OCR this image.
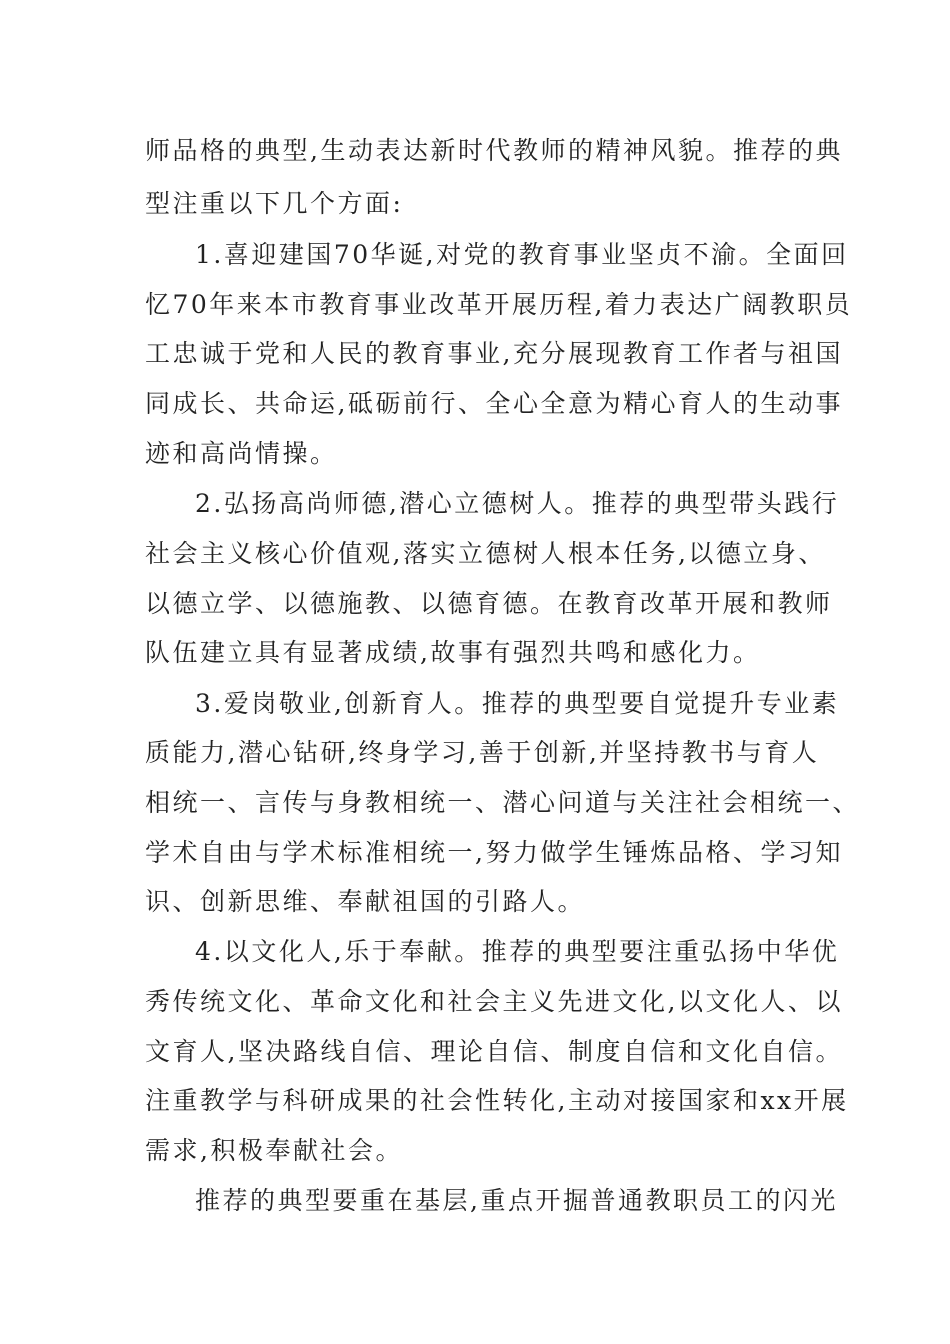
师品格的典型,生动表达新时代教师的精神风貌。推荐的典
型注重以下几个方面:
1.喜迎建国70华诞,对党的教育事业坚贞不渝。全面回
忆70年来本市教育事业改革开展历程,着力表达广阔教职员
工忠诚于党和人民的教育事业,充分展现教育工作者与祖国
同成长、共命运,砥砺前行、全心全意为精心育人的生动事
迹和高尚情操。
2.弘扬高尚师德,潜心立德树人。推荐的典型带头践行
社会主义核心价值观,落实立德树人根本任务,以德立身、
以德立学、以德施教、以德育德。在教育改革开展和教师
队伍建立具有显著成绩,故事有强烈共鸣和感化力。
3.爱岗敬业,创新育人。推荐的典型要自觉提升专业素
质能力,潜心钻研,终身学习,善于创新,并坚持教书与育人
相统一、言传与身教相统一、潜心问道与关注社会相统一、
学术自由与学术标准相统一,努力做学生锤炼品格、学习知
识、创新思维、奉献祖国的引路人。
4.以文化人,乐于奉献。推荐的典型要注重弘扬中华优
秀传统文化、革命文化和社会主义先进文化,以文化人、以
文育人,坚决路线自信、理论自信、制度自信和文化自信。
注重教学与科研成果的社会性转化,主动对接国家和xx开展
需求,积极奉献社会。
推荐的典型要重在基层,重点开掘普通教职员工的闪光
